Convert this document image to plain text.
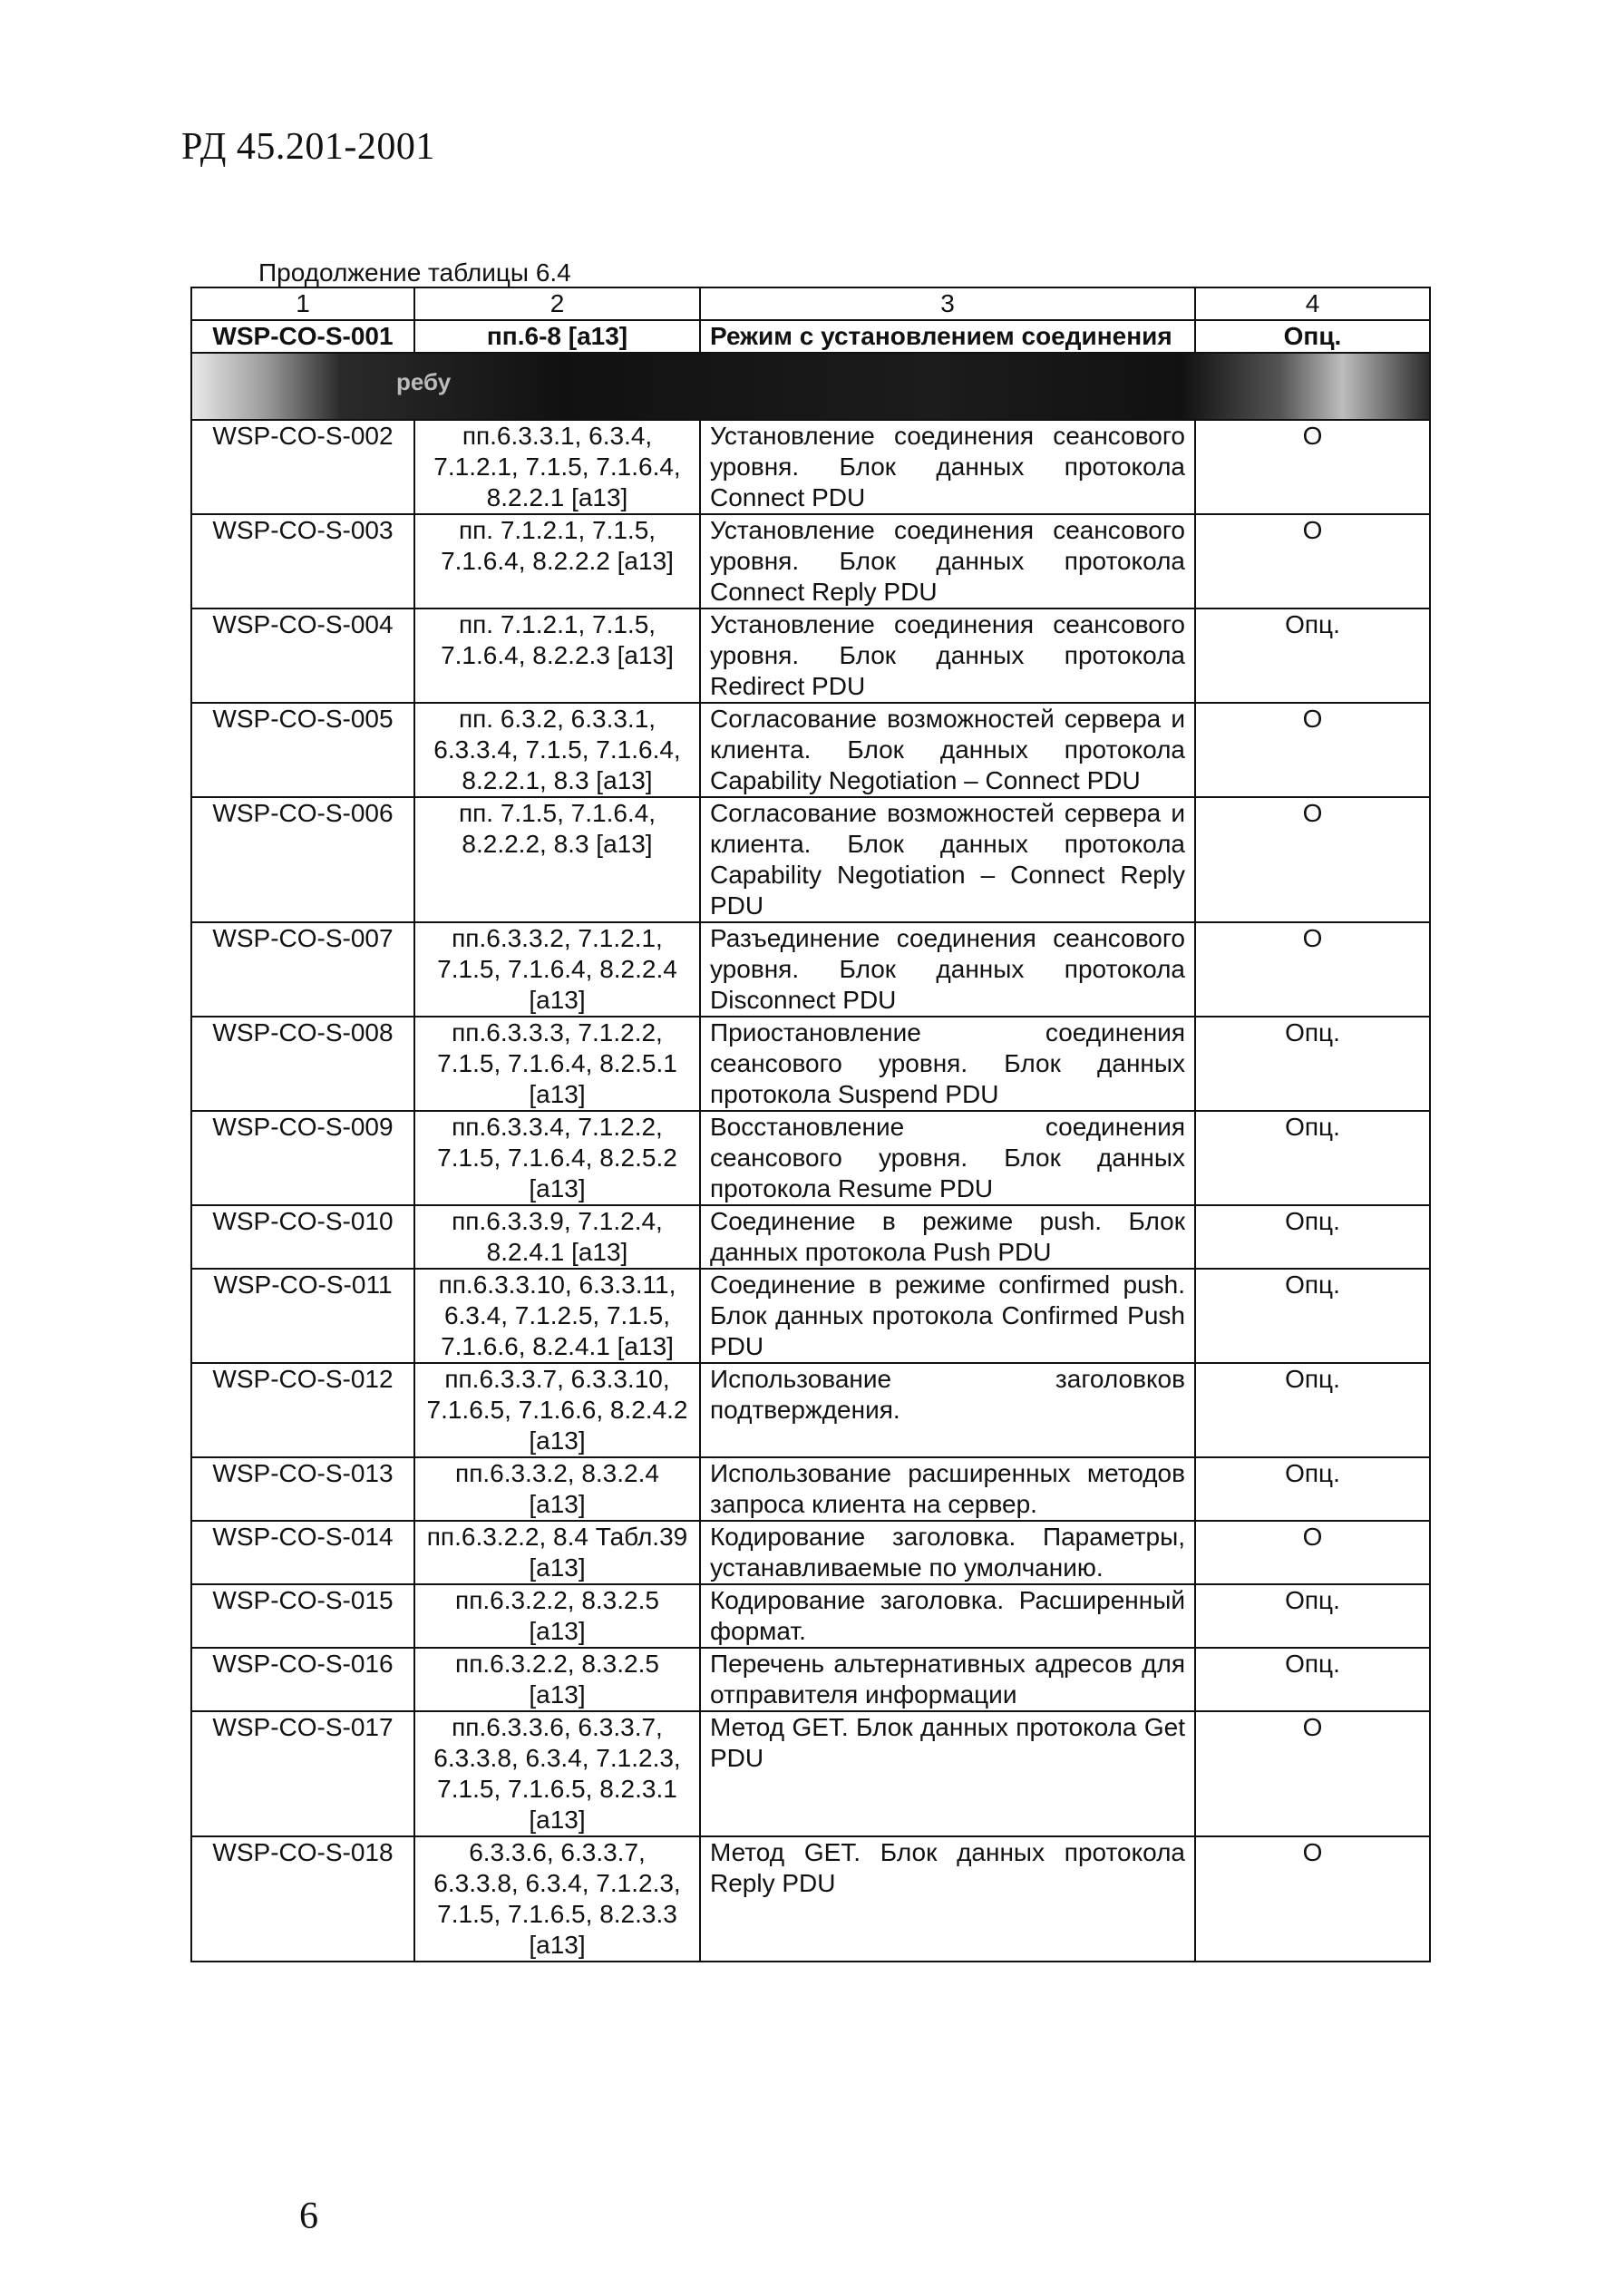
РД 45.201-2001
Продолжение таблицы 6.4
1	2	3	4
WSP-CO-S-001	пп.6-8 [a13]	Режим с установлением соединения	Опц.

ребу			

WSP-CO-S-002	пп.6.3.3.1, 6.3.4, 7.1.2.1, 7.1.5, 7.1.6.4, 8.2.2.1 [a13]	Установление соединения сеансового уровня. Блок данных протокола Connect PDU	О
WSP-CO-S-003	пп. 7.1.2.1, 7.1.5, 7.1.6.4, 8.2.2.2 [a13]	Установление соединения сеансового уровня. Блок данных протокола Connect Reply PDU	О
WSP-CO-S-004	пп. 7.1.2.1, 7.1.5, 7.1.6.4, 8.2.2.3 [a13]	Установление соединения сеансового уровня. Блок данных протокола Redirect PDU	Опц.
WSP-CO-S-005	пп. 6.3.2, 6.3.3.1, 6.3.3.4, 7.1.5, 7.1.6.4, 8.2.2.1, 8.3 [a13]	Согласование возможностей сервера и клиента. Блок данных протокола Capability Negotiation – Connect PDU	О
WSP-CO-S-006	пп. 7.1.5, 7.1.6.4, 8.2.2.2, 8.3 [a13]	Согласование возможностей сервера и клиента. Блок данных протокола Capability Negotiation – Connect Reply PDU	О
WSP-CO-S-007	пп.6.3.3.2, 7.1.2.1, 7.1.5, 7.1.6.4, 8.2.2.4 [a13]	Разъединение соединения сеансового уровня. Блок данных протокола Disconnect PDU	О
WSP-CO-S-008	пп.6.3.3.3, 7.1.2.2, 7.1.5, 7.1.6.4, 8.2.5.1 [a13]	Приостановление соединения сеансового уровня. Блок данных протокола Suspend PDU	Опц.
WSP-CO-S-009	пп.6.3.3.4, 7.1.2.2, 7.1.5, 7.1.6.4, 8.2.5.2 [a13]	Восстановление соединения сеансового уровня. Блок данных протокола Resume PDU	Опц.
WSP-CO-S-010	пп.6.3.3.9, 7.1.2.4, 8.2.4.1 [a13]	Соединение в режиме push. Блок данных протокола Push PDU	Опц.
WSP-CO-S-011	пп.6.3.3.10, 6.3.3.11, 6.3.4, 7.1.2.5, 7.1.5, 7.1.6.6, 8.2.4.1 [a13]	Соединение в режиме confirmed push. Блок данных протокола Confirmed Push PDU	Опц.
WSP-CO-S-012	пп.6.3.3.7, 6.3.3.10, 7.1.6.5, 7.1.6.6, 8.2.4.2 [a13]	Использование заголовков подтверждения.	Опц.
WSP-CO-S-013	пп.6.3.3.2, 8.3.2.4 [a13]	Использование расширенных методов запроса клиента на сервер.	Опц.
WSP-CO-S-014	пп.6.3.2.2, 8.4 Табл.39 [a13]	Кодирование заголовка. Параметры, устанавливаемые по умолчанию.	О
WSP-CO-S-015	пп.6.3.2.2, 8.3.2.5 [a13]	Кодирование заголовка. Расширенный формат.	Опц.
WSP-CO-S-016	пп.6.3.2.2, 8.3.2.5 [a13]	Перечень альтернативных адресов для отправителя информации	Опц.
WSP-CO-S-017	пп.6.3.3.6, 6.3.3.7, 6.3.3.8, 6.3.4, 7.1.2.3, 7.1.5, 7.1.6.5, 8.2.3.1 [a13]	Метод GET. Блок данных протокола Get PDU	О
WSP-CO-S-018	6.3.3.6, 6.3.3.7, 6.3.3.8, 6.3.4, 7.1.2.3, 7.1.5, 7.1.6.5, 8.2.3.3 [a13]	Метод GET. Блок данных протокола Reply PDU	О
6
